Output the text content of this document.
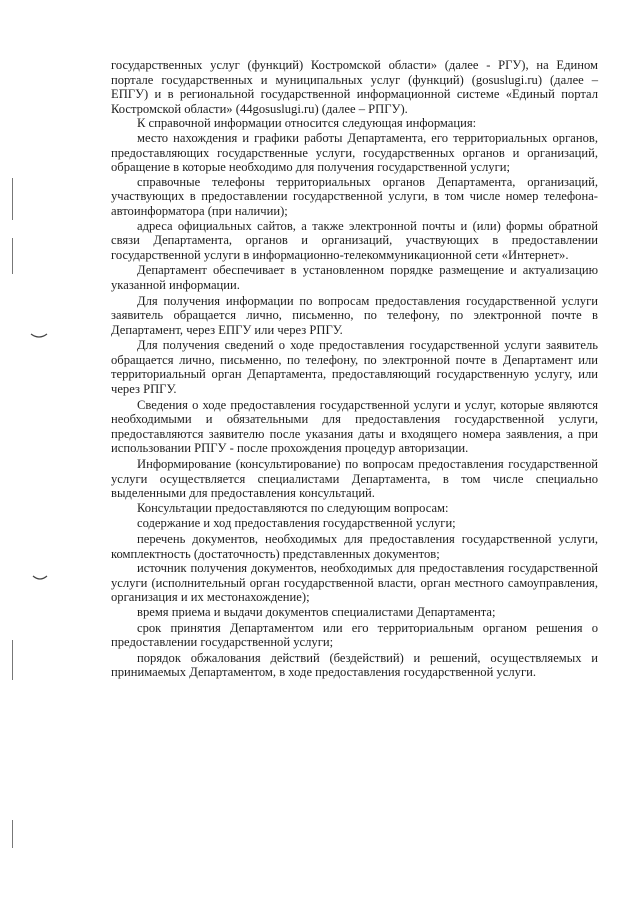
государственных услуг (функций) Костромской области» (далее - РГУ), на Едином портале государственных и муниципальных услуг (функций) (gosuslugi.ru) (далее – ЕПГУ) и в региональной государственной информационной системе «Единый портал Костромской области» (44gosuslugi.ru) (далее – РПГУ).

К справочной информации относится следующая информация:

место нахождения и графики работы Департамента, его территориальных органов, предоставляющих государственные услуги, государственных органов и организаций, обращение в которые необходимо для получения государственной услуги;

справочные телефоны территориальных органов Департамента, организаций, участвующих в предоставлении государственной услуги, в том числе номер телефона-автоинформатора (при наличии);

адреса официальных сайтов, а также электронной почты и (или) формы обратной связи Департамента, органов и организаций, участвующих в предоставлении государственной услуги в информационно-телекоммуникационной сети «Интернет».

Департамент обеспечивает в установленном порядке размещение и актуализацию указанной информации.

Для получения информации по вопросам предоставления государственной услуги заявитель обращается лично, письменно, по телефону, по электронной почте в Департамент, через ЕПГУ или через РПГУ.

Для получения сведений о ходе предоставления государственной услуги заявитель обращается лично, письменно, по телефону, по электронной почте в Департамент или территориальный орган Департамента, предоставляющий государственную услугу, или через РПГУ.

Сведения о ходе предоставления государственной услуги и услуг, которые являются необходимыми и обязательными для предоставления государственной услуги, предоставляются заявителю после указания даты и входящего номера заявления, а при использовании РПГУ - после прохождения процедур авторизации.

Информирование (консультирование) по вопросам предоставления государственной услуги осуществляется специалистами Департамента, в том числе специально выделенными для предоставления консультаций.

Консультации предоставляются по следующим вопросам:

содержание и ход предоставления государственной услуги;

перечень документов, необходимых для предоставления государственной услуги, комплектность (достаточность) представленных документов;

источник получения документов, необходимых для предоставления государственной услуги (исполнительный орган государственной власти, орган местного самоуправления, организация и их местонахождение);

время приема и выдачи документов специалистами Департамента;

срок принятия Департаментом или его территориальным органом решения о предоставлении государственной услуги;

порядок обжалования действий (бездействий) и решений, осуществляемых и принимаемых Департаментом, в ходе предоставления государственной услуги.
